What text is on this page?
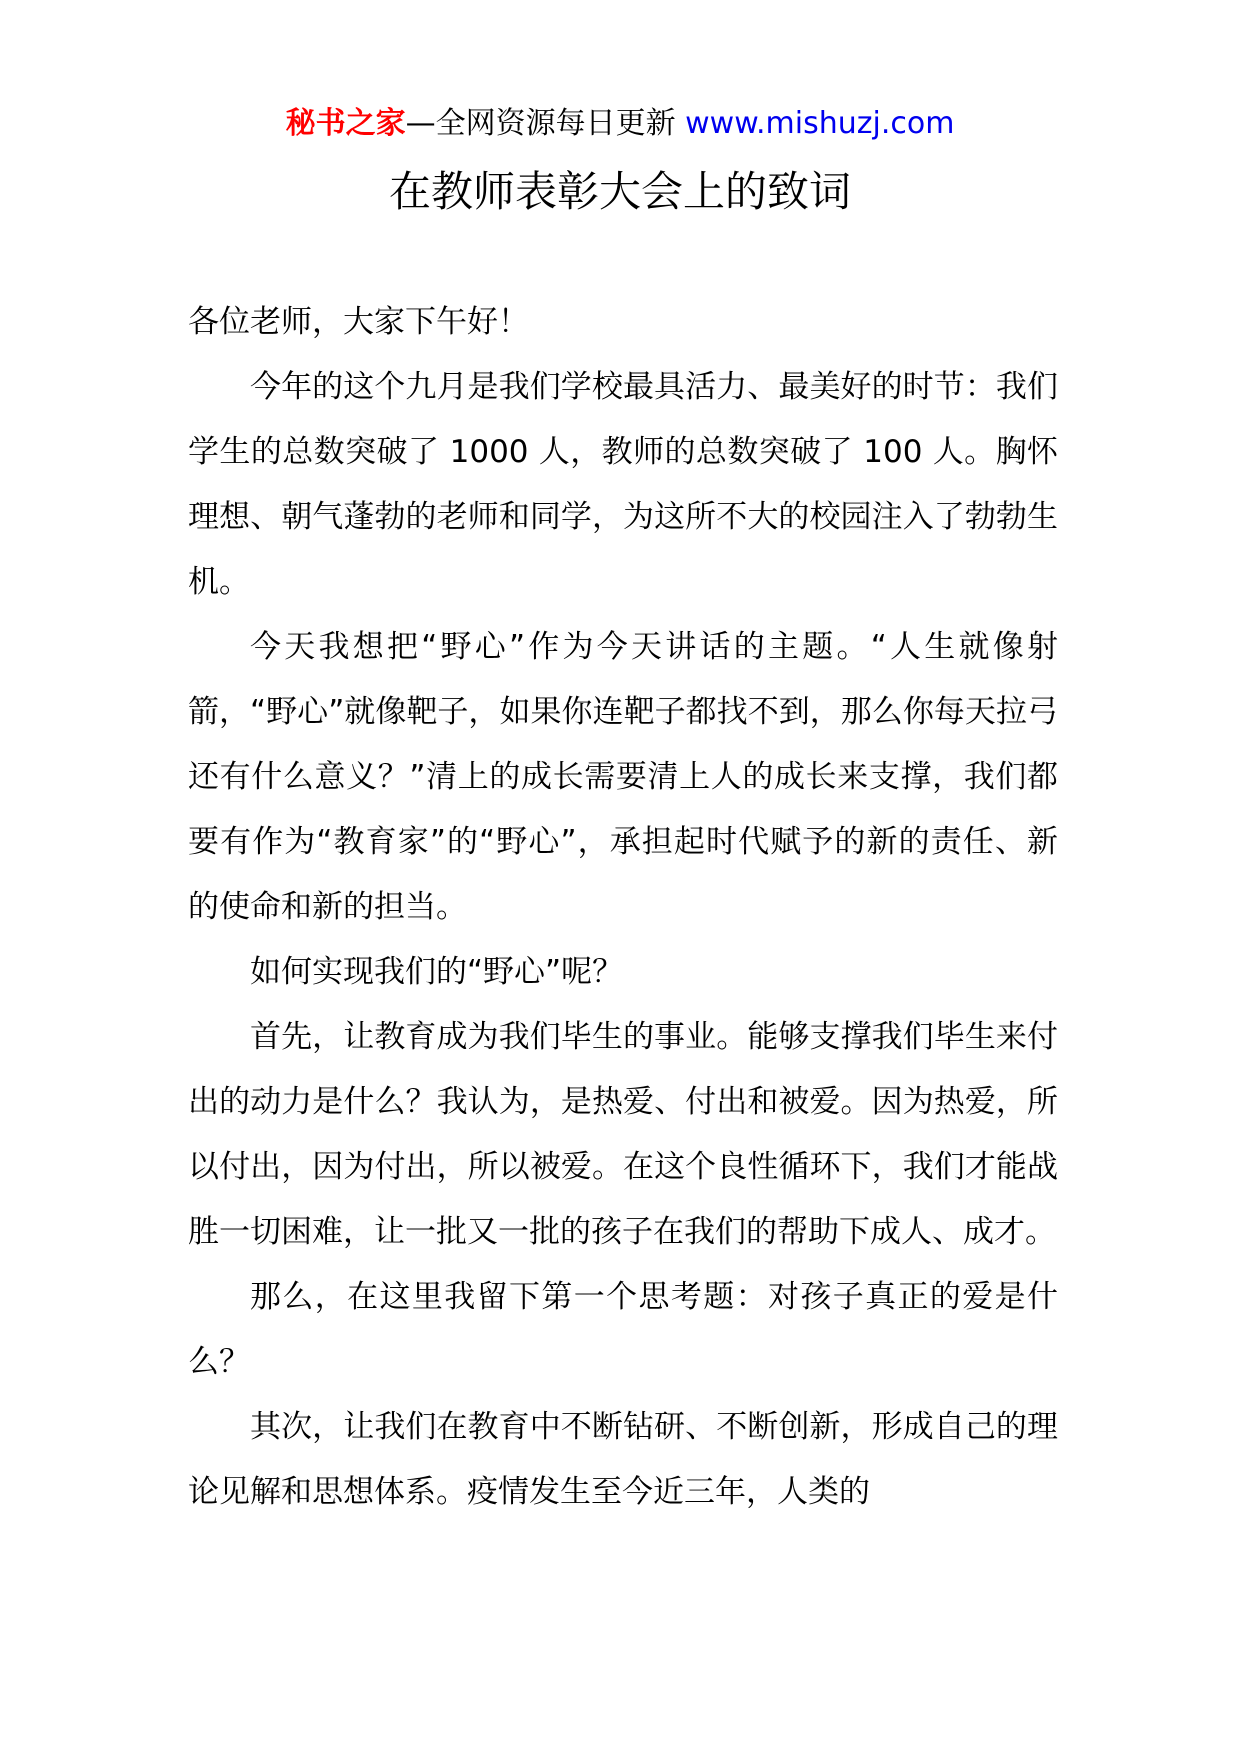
秘书之家—全网资源每日更新 www.mishuzj.com
在教师表彰大会上的致词

各位老师，大家下午好！

今年的这个九月是我们学校最具活力、最美好的时节：我们学生的总数突破了 1000 人，教师的总数突破了 100 人。胸怀理想、朝气蓬勃的老师和同学，为这所不大的校园注入了勃勃生机。

今天我想把“野心”作为今天讲话的主题。“人生就像射箭，“野心”就像靶子，如果你连靶子都找不到，那么你每天拉弓还有什么意义？”清上的成长需要清上人的成长来支撑，我们都要有作为“教育家”的“野心”，承担起时代赋予的新的责任、新的使命和新的担当。

如何实现我们的“野心”呢？

首先，让教育成为我们毕生的事业。能够支撑我们毕生来付出的动力是什么？我认为，是热爱、付出和被爱。因为热爱，所以付出，因为付出，所以被爱。在这个良性循环下，我们才能战胜一切困难，让一批又一批的孩子在我们的帮助下成人、成才。

那么，在这里我留下第一个思考题：对孩子真正的爱是什么？

其次，让我们在教育中不断钻研、不断创新，形成自己的理论见解和思想体系。疫情发生至今近三年，人类的
